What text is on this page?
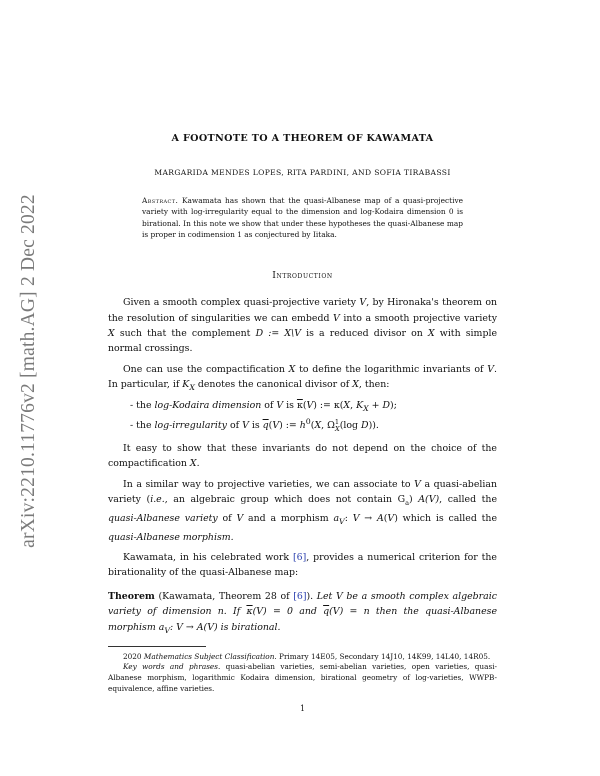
arXiv:2210.11776v2 [math.AG] 2 Dec 2022
A FOOTNOTE TO A THEOREM OF KAWAMATA
MARGARIDA MENDES LOPES, RITA PARDINI, AND SOFIA TIRABASSI
Abstract. Kawamata has shown that the quasi-Albanese map of a quasi-projective variety with log-irregularity equal to the dimension and log-Kodaira dimension 0 is birational. In this note we show that under these hypotheses the quasi-Albanese map is proper in codimension 1 as conjectured by Iitaka.
Introduction

Given a smooth complex quasi-projective variety V, by Hironaka's theorem on the resolution of singularities we can embedd V into a smooth projective variety X such that the complement D := X\V is a reduced divisor on X with simple normal crossings.

One can use the compactification X to define the logarithmic invariants of V. In particular, if $K_X$ denotes the canonical divisor of X, then:

- the log-Kodaira dimension of V is $\overline{\kappa}(V)$ := κ(X, $K_X + D$);
- the log-irregularity of V is $\overline{q}(V)$ := $h^0(X$, $\Omega^1_X(\log$ D)).

It easy to show that these invariants do not depend on the choice of the compactification X.

In a similar way to projective varieties, we can associate to V a quasi-abelian variety (i.e., an algebraic group which does not contain $G_a$) A(V), called the quasi-Albanese variety of V and a morphism $a_V$: V → A(V) which is called the quasi-Albanese morphism.

Kawamata, in his celebrated work [6], provides a numerical criterion for the birationality of the quasi-Albanese map:

Theorem (Kawamata, Theorem 28 of [6]). Let V be a smooth complex algebraic variety of dimension n. If $\overline{\kappa}(V) = 0$ and $\overline{q}(V) = n$ then the quasi-Albanese morphism $a_V$: V → A(V) is birational.

2020 Mathematics Subject Classification. Primary 14E05, Secondary 14J10, 14K99, 14L40, 14R05.

Key words and phrases. quasi-abelian varieties, semi-abelian varieties, open varieties, quasi-Albanese morphism, logarithmic Kodaira dimension, birational geometry of log-varieties, WWPB-equivalence, affine varieties.

1
